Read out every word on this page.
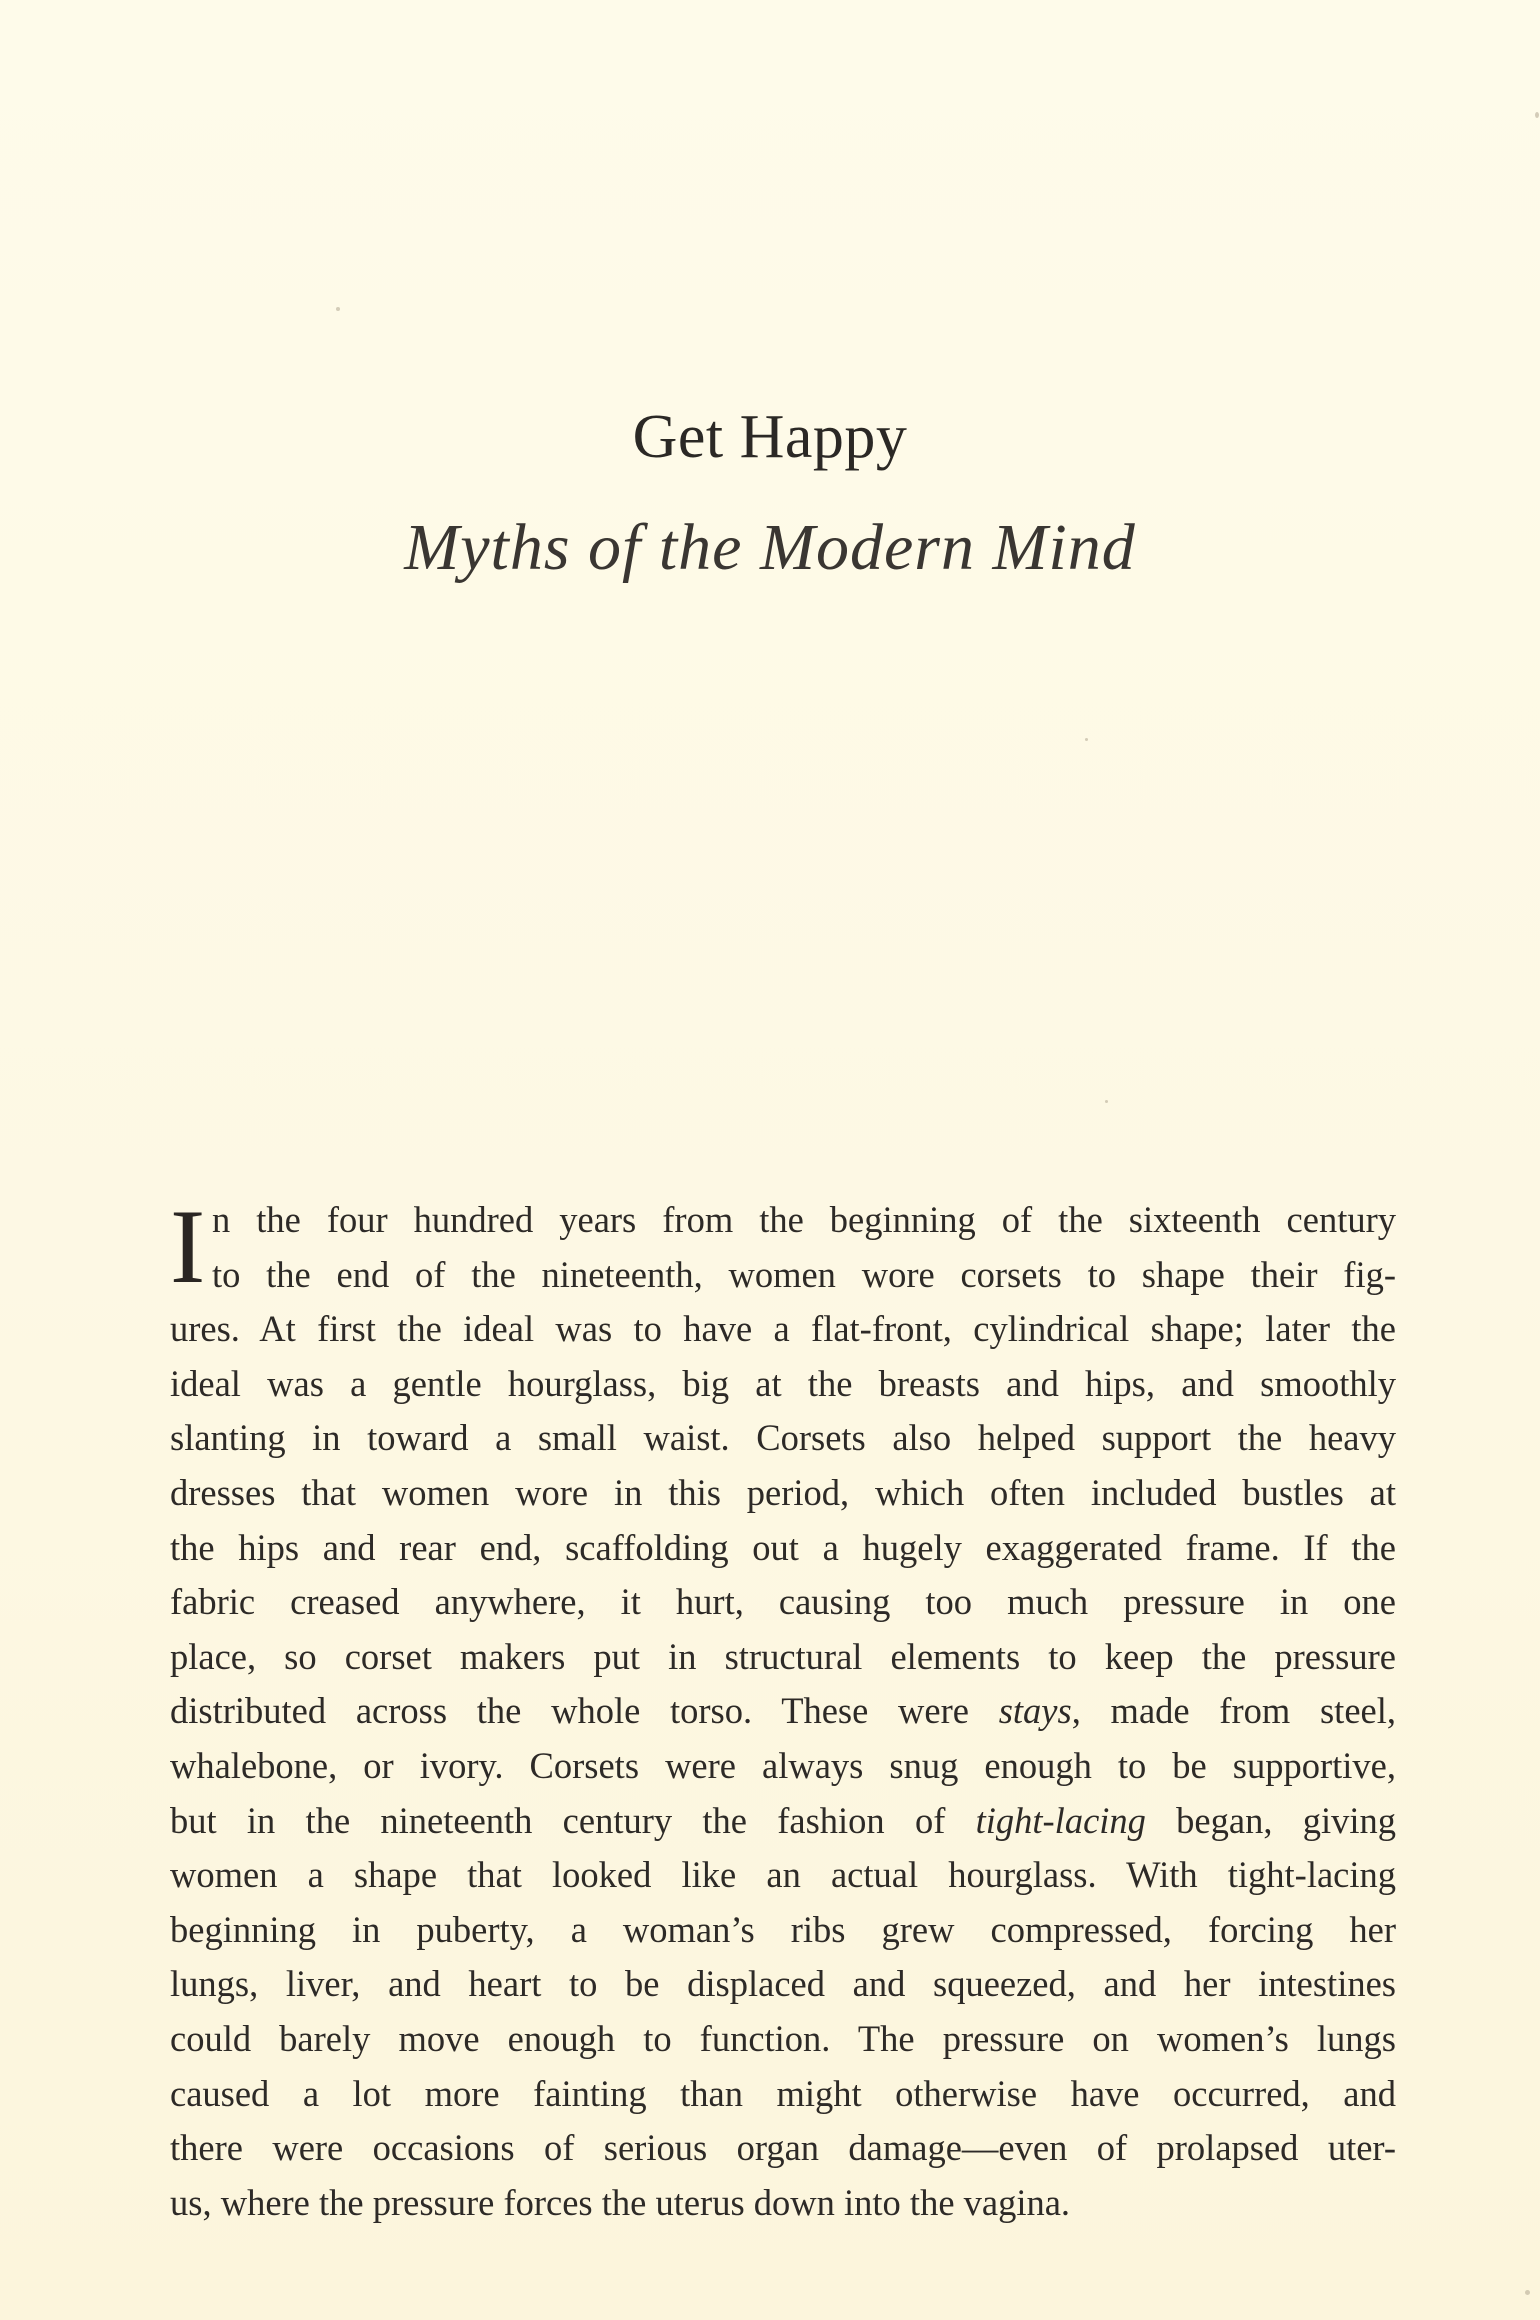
Get Happy
Myths of the Modern Mind
I n the four hundred years from the beginning of the sixteenth century
to the end of the nineteenth, women wore corsets to shape their fig-
ures. At first the ideal was to have a flat-front, cylindrical shape; later the
ideal was a gentle hourglass, big at the breasts and hips, and smoothly
slanting in toward a small waist. Corsets also helped support the heavy
dresses that women wore in this period, which often included bustles at
the hips and rear end, scaffolding out a hugely exaggerated frame. If the
fabric creased anywhere, it hurt, causing too much pressure in one
place, so corset makers put in structural elements to keep the pressure
distributed across the whole torso. These were stays, made from steel,
whalebone, or ivory. Corsets were always snug enough to be supportive,
but in the nineteenth century the fashion of tight-lacing began, giving
women a shape that looked like an actual hourglass. With tight-lacing
beginning in puberty, a woman’s ribs grew compressed, forcing her
lungs, liver, and heart to be displaced and squeezed, and her intestines
could barely move enough to function. The pressure on women’s lungs
caused a lot more fainting than might otherwise have occurred, and
there were occasions of serious organ damage—even of prolapsed uter-
us, where the pressure forces the uterus down into the vagina.
